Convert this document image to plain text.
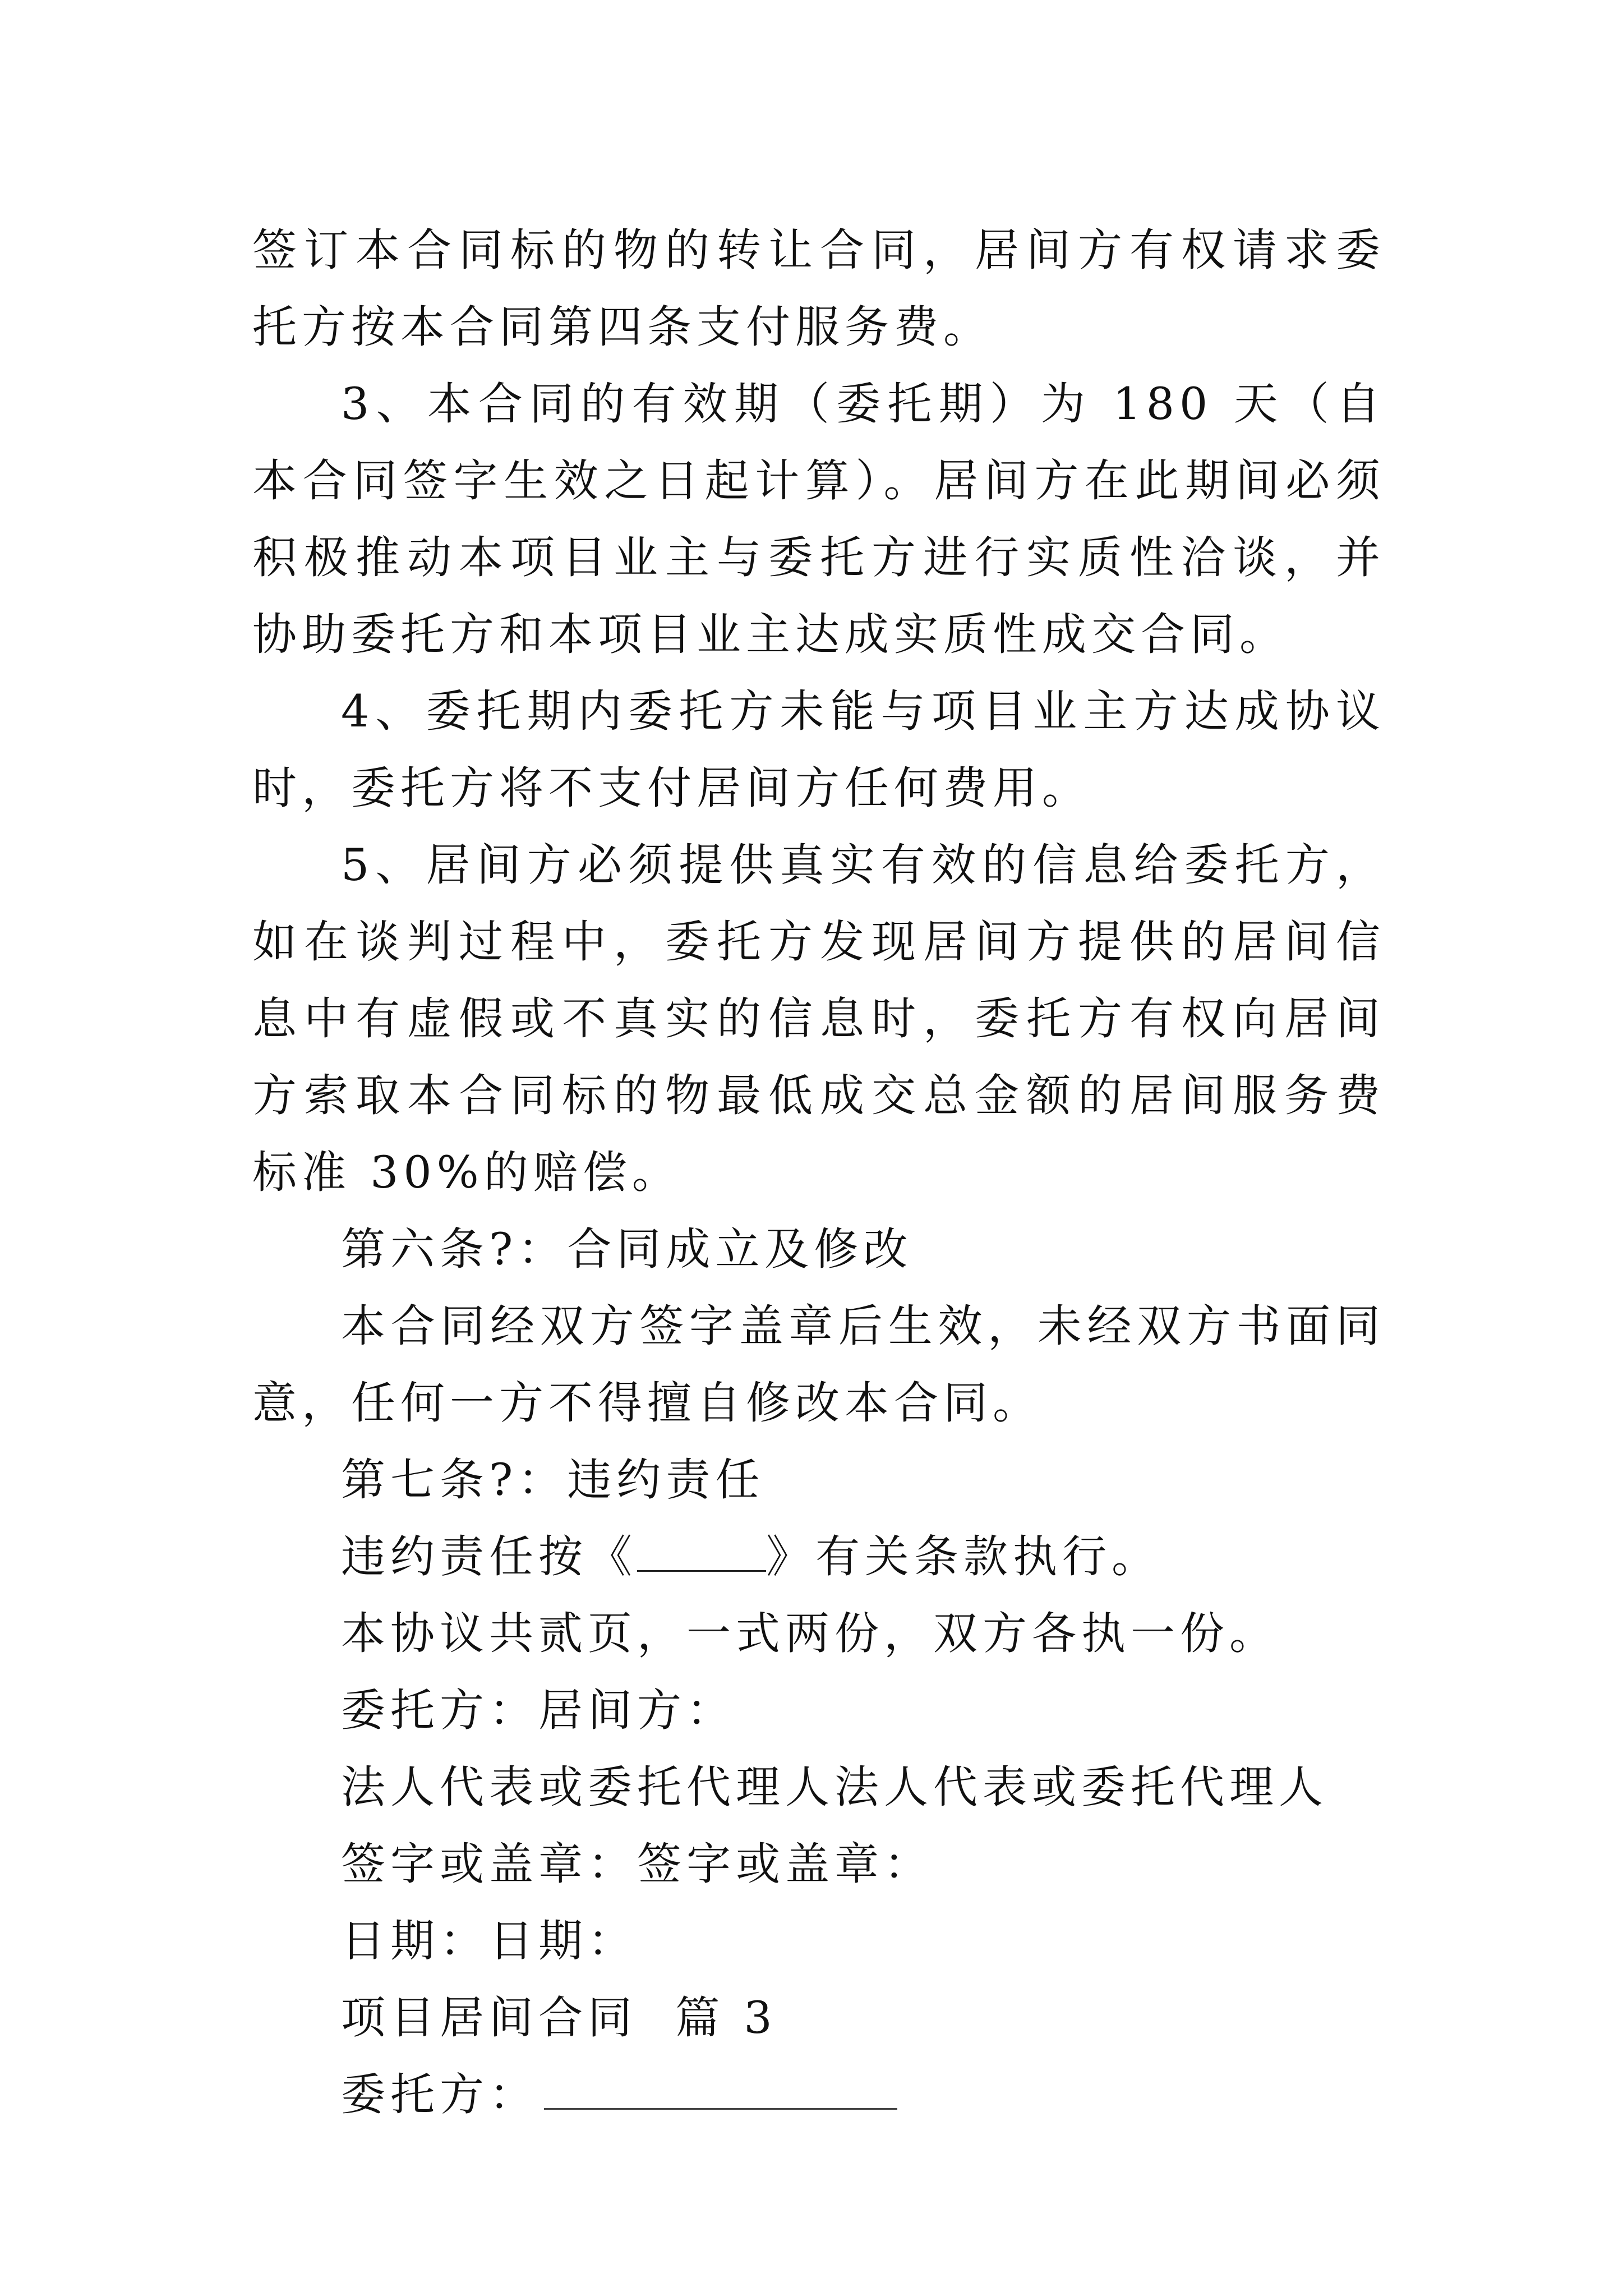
签订本合同标的物的转让合同，居间方有权请求委托方按本合同第四条支付服务费。

3、本合同的有效期（委托期）为 180 天（自本合同签字生效之日起计算）。居间方在此期间必须积极推动本项目业主与委托方进行实质性洽谈，并协助委托方和本项目业主达成实质性成交合同。

4、委托期内委托方未能与项目业主方达成协议时，委托方将不支付居间方任何费用。

5、居间方必须提供真实有效的信息给委托方，如在谈判过程中，委托方发现居间方提供的居间信息中有虚假或不真实的信息时，委托方有权向居间方索取本合同标的物最低成交总金额的居间服务费标准 30%的赔偿。

第六条?：合同成立及修改

本合同经双方签字盖章后生效，未经双方书面同意，任何一方不得擅自修改本合同。

第七条?：违约责任

违约责任按《	》有关条款执行。

本协议共贰页，一式两份，双方各执一份。

委托方：居间方：

法人代表或委托代理人法人代表或委托代理人

签字或盖章：签字或盖章：

日期：日期：

项目居间合同  篇 3

委托方：
